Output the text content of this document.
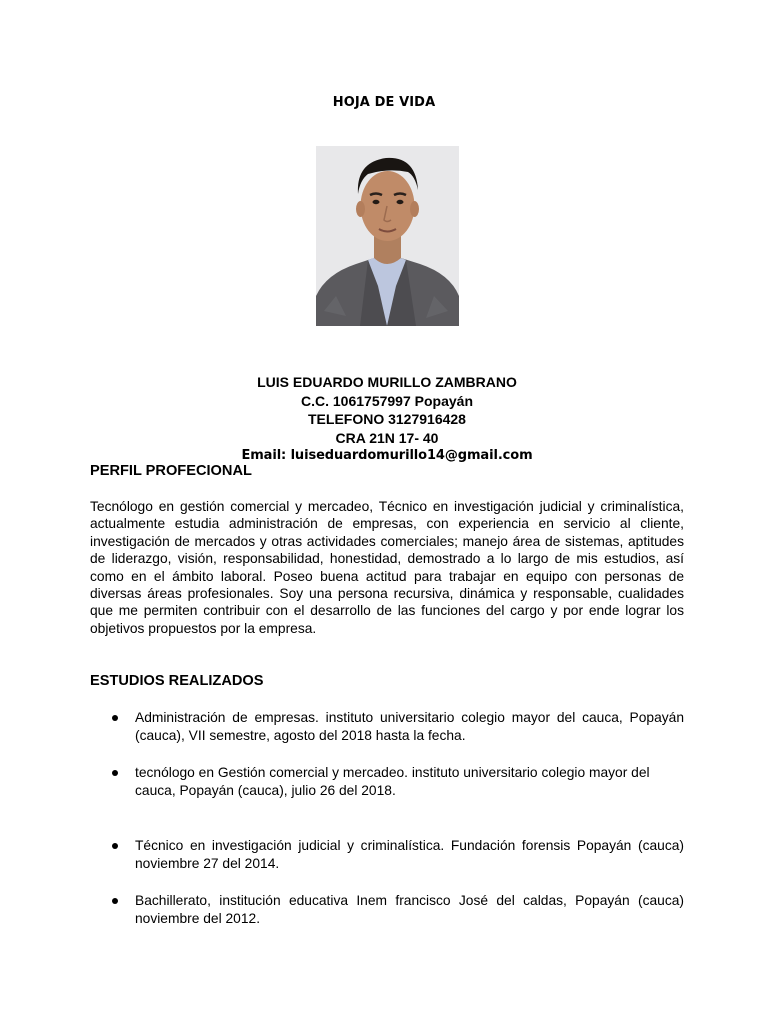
HOJA DE VIDA
LUIS EDUARDO MURILLO ZAMBRANO
C.C. 1061757997 Popayán
TELEFONO 3127916428
CRA 21N 17- 40
Email: luiseduardomurillo14@gmail.com
PERFIL PROFECIONAL
Tecnólogo en gestión comercial y mercadeo, Técnico en investigación judicial y criminalística, actualmente estudia administración de empresas, con experiencia en servicio al cliente, investigación de mercados y otras actividades comerciales; manejo área de sistemas, aptitudes de liderazgo, visión, responsabilidad, honestidad, demostrado a lo largo de mis estudios, así como en el ámbito laboral. Poseo buena actitud para trabajar en equipo con personas de diversas áreas profesionales. Soy una persona recursiva, dinámica y responsable, cualidades que me permiten contribuir con el desarrollo de las funciones del cargo y por ende lograr los objetivos propuestos por la empresa.
ESTUDIOS REALIZADOS
Administración de empresas. instituto universitario colegio mayor del cauca, Popayán (cauca), VII semestre, agosto del 2018 hasta la fecha.
tecnólogo en Gestión comercial y mercadeo. instituto universitario colegio mayor del cauca, Popayán (cauca), julio 26 del 2018.
Técnico en investigación judicial y criminalística. Fundación forensis Popayán (cauca) noviembre 27 del 2014.
Bachillerato, institución educativa Inem francisco José del caldas, Popayán (cauca) noviembre del 2012.
